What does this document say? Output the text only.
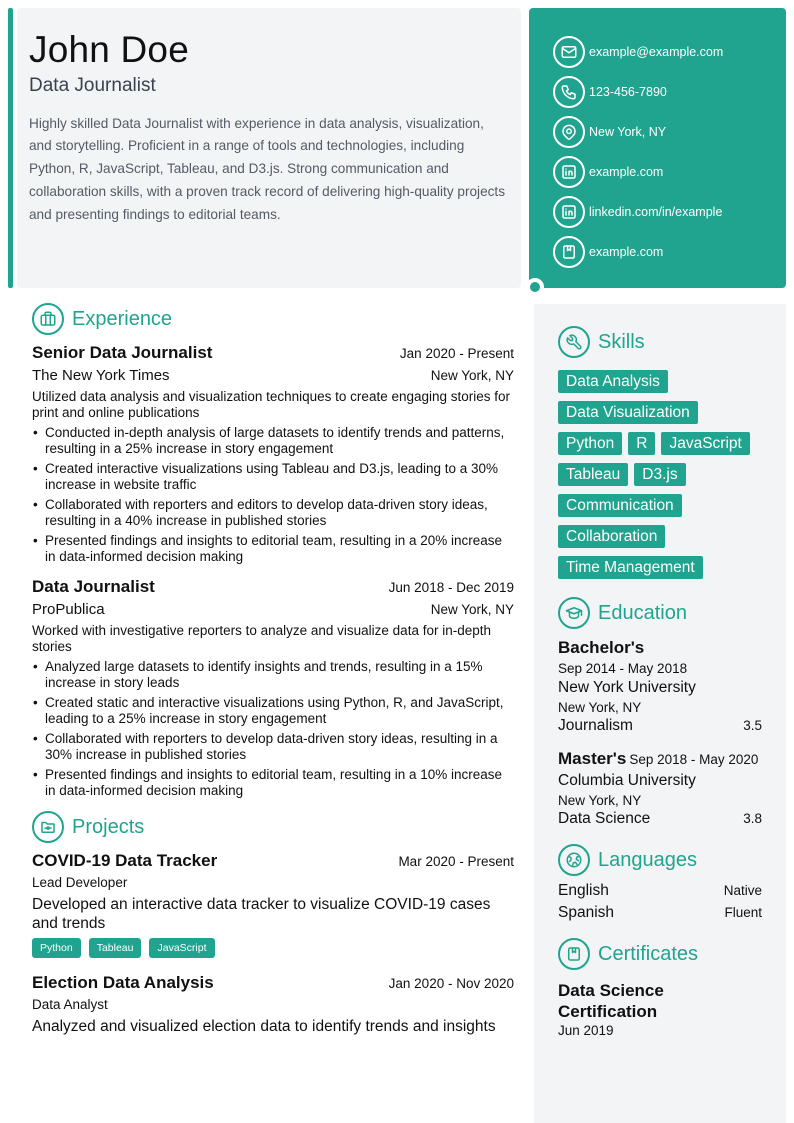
John Doe
Data Journalist
Highly skilled Data Journalist with experience in data analysis, visualization, and storytelling. Proficient in a range of tools and technologies, including Python, R, JavaScript, Tableau, and D3.js. Strong communication and collaboration skills, with a proven track record of delivering high-quality projects and presenting findings to editorial teams.
example@example.com
123-456-7890
New York, NY
example.com
linkedin.com/in/example
example.com
Experience
Senior Data Journalist	Jan 2020 - Present
The New York Times	New York, NY
Utilized data analysis and visualization techniques to create engaging stories for print and online publications
• Conducted in-depth analysis of large datasets to identify trends and patterns, resulting in a 25% increase in story engagement
• Created interactive visualizations using Tableau and D3.js, leading to a 30% increase in website traffic
• Collaborated with reporters and editors to develop data-driven story ideas, resulting in a 40% increase in published stories
• Presented findings and insights to editorial team, resulting in a 20% increase in data-informed decision making
Data Journalist	Jun 2018 - Dec 2019
ProPublica	New York, NY
Worked with investigative reporters to analyze and visualize data for in-depth stories
• Analyzed large datasets to identify insights and trends, resulting in a 15% increase in story leads
• Created static and interactive visualizations using Python, R, and JavaScript, leading to a 25% increase in story engagement
• Collaborated with reporters to develop data-driven story ideas, resulting in a 30% increase in published stories
• Presented findings and insights to editorial team, resulting in a 10% increase in data-informed decision making
Projects
COVID-19 Data Tracker	Mar 2020 - Present
Lead Developer
Developed an interactive data tracker to visualize COVID-19 cases and trends
Python	Tableau	JavaScript
Election Data Analysis	Jan 2020 - Nov 2020
Data Analyst
Analyzed and visualized election data to identify trends and insights
Skills
Data Analysis
Data Visualization
Python	R	JavaScript
Tableau	D3.js
Communication
Collaboration
Time Management
Education
Bachelor's
Sep 2014 - May 2018
New York University
New York, NY
Journalism	3.5
Master's Sep 2018 - May 2020
Columbia University
New York, NY
Data Science	3.8
Languages
English	Native
Spanish	Fluent
Certificates
Data Science Certification
Jun 2019
